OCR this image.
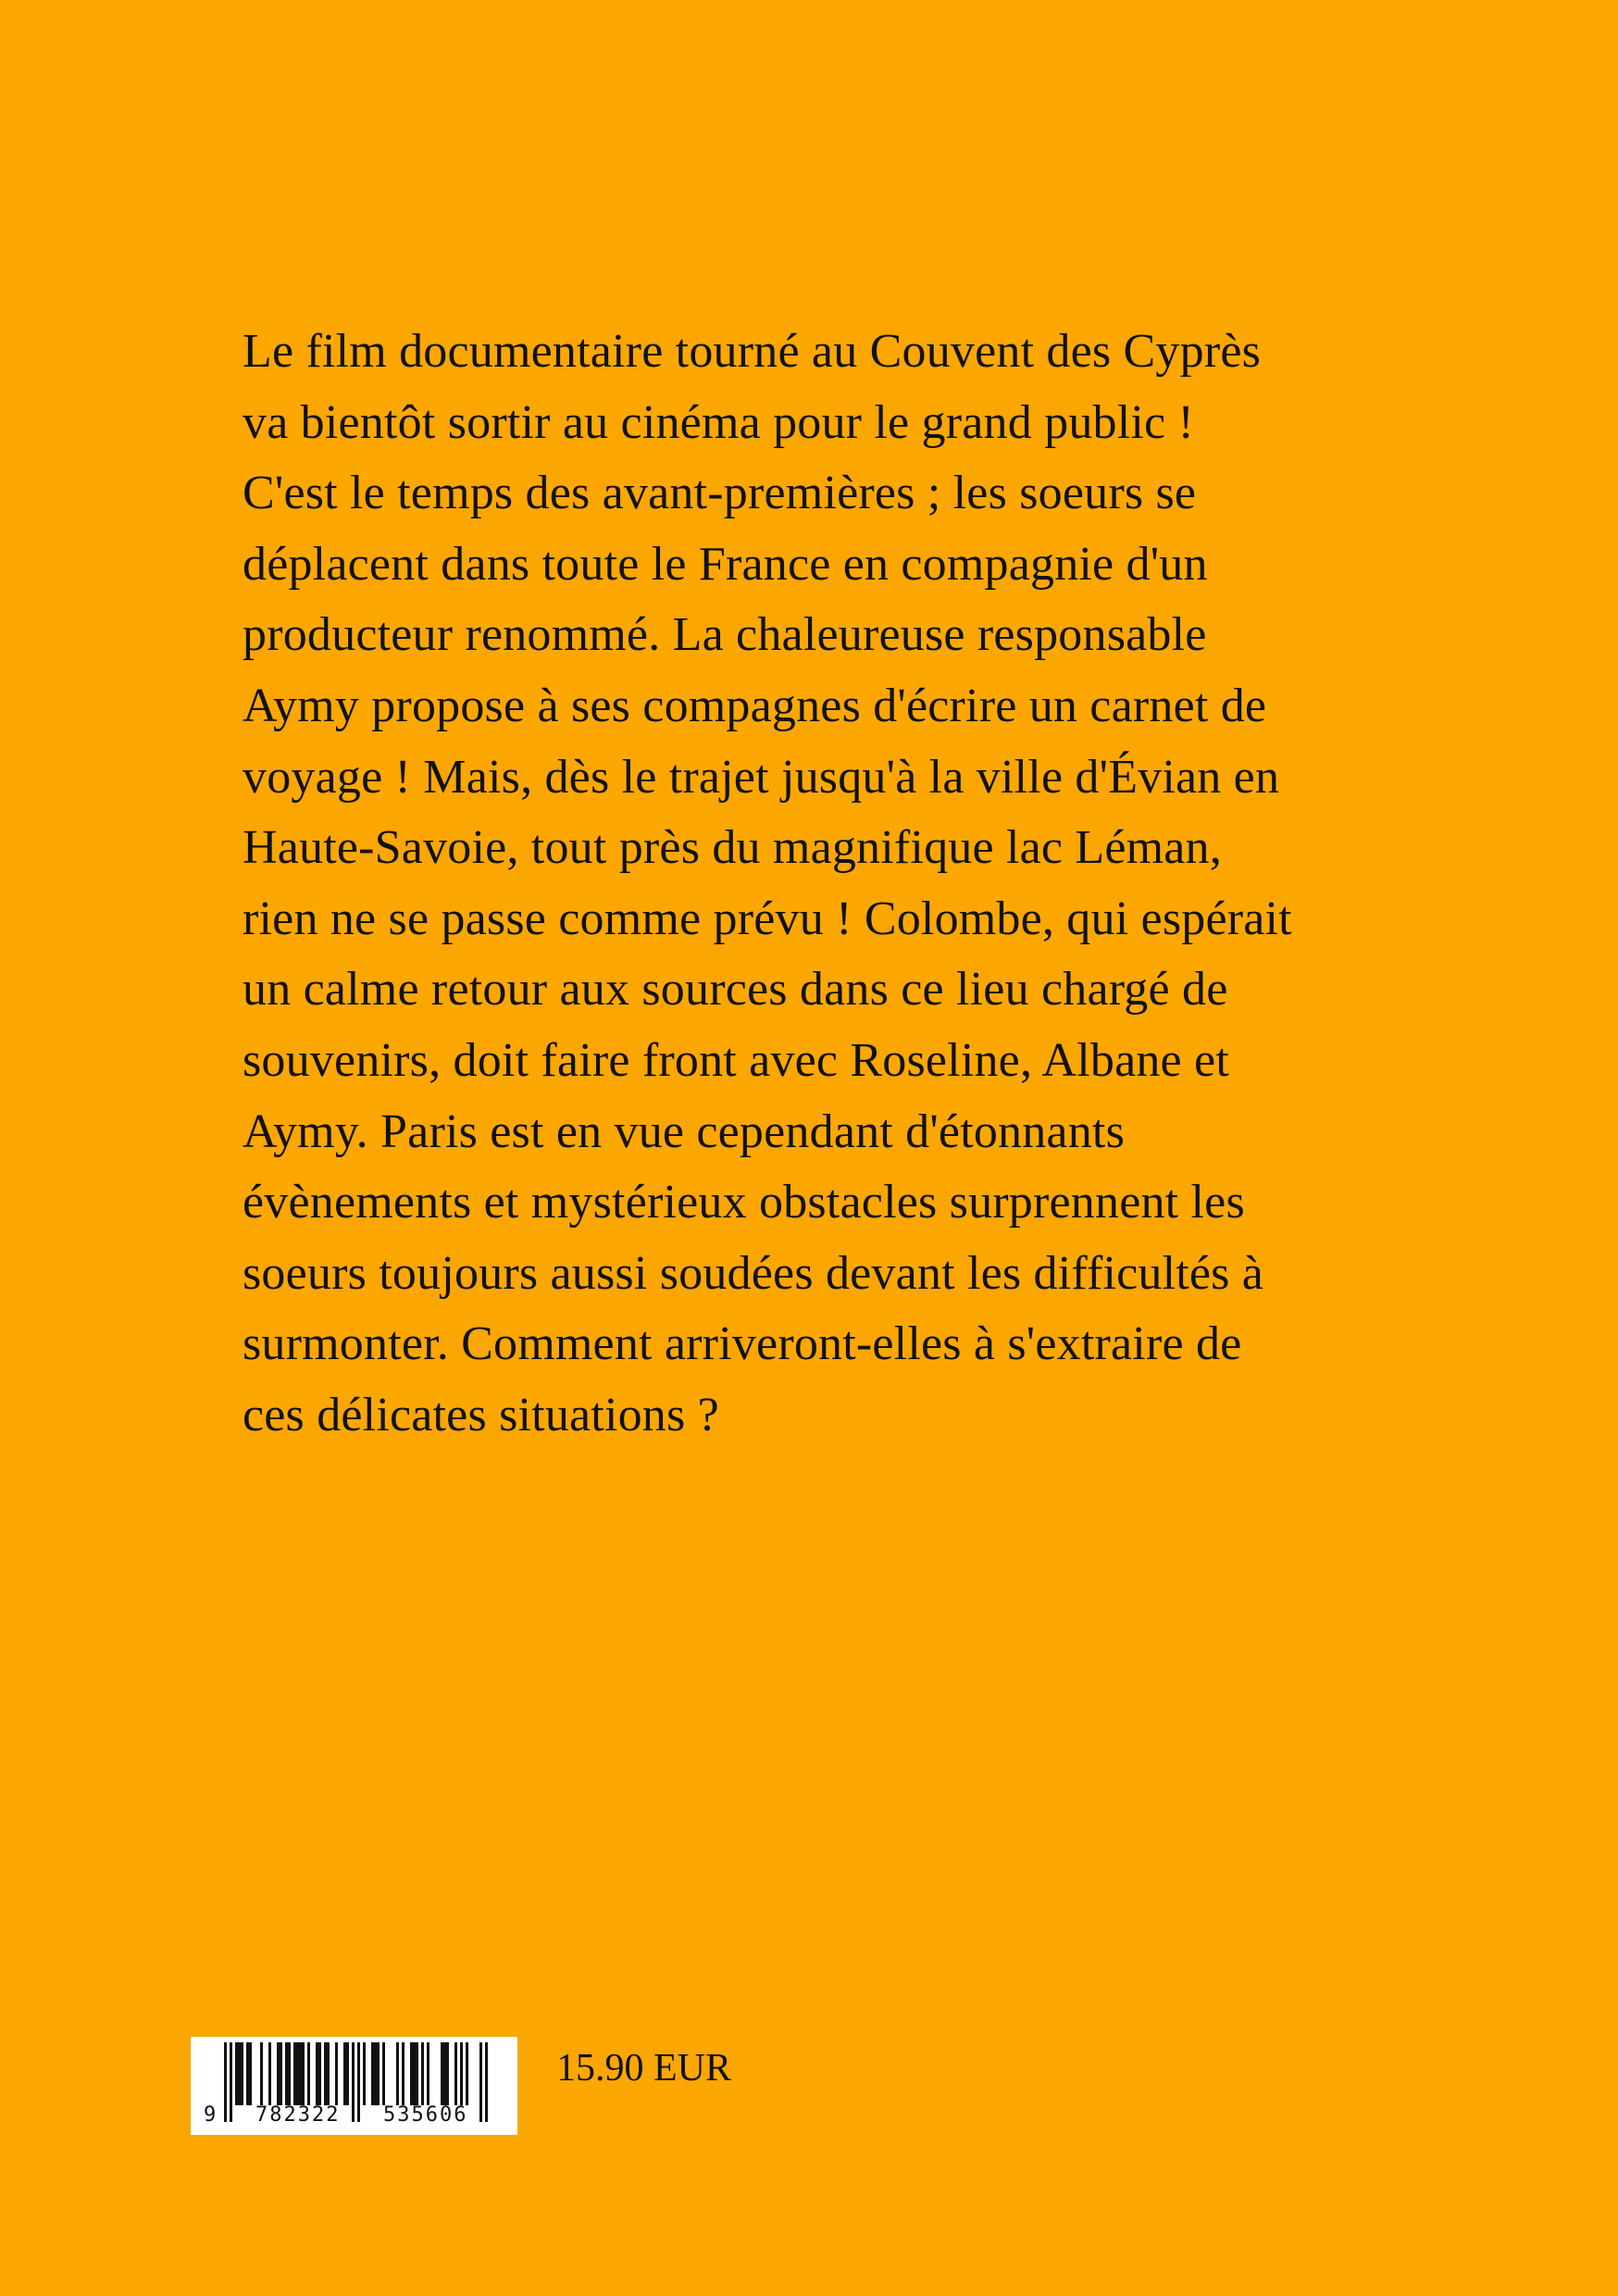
Le film documentaire tourné au Couvent des Cyprès
va bientôt sortir au cinéma pour le grand public !
C'est le temps des avant-premières ; les soeurs se
déplacent dans toute le France en compagnie d'un
producteur renommé. La chaleureuse responsable
Aymy propose à ses compagnes d'écrire un carnet de
voyage ! Mais, dès le trajet jusqu'à la ville d'Évian en
Haute-Savoie, tout près du magnifique lac Léman,
rien ne se passe comme prévu ! Colombe, qui espérait
un calme retour aux sources dans ce lieu chargé de
souvenirs, doit faire front avec Roseline, Albane et
Aymy. Paris est en vue cependant d'étonnants
évènements et mystérieux obstacles surprennent les
soeurs toujours aussi soudées devant les difficultés à
surmonter. Comment arriveront-elles à s'extraire de
ces délicates situations ?
9 782322 535606
15.90 EUR
